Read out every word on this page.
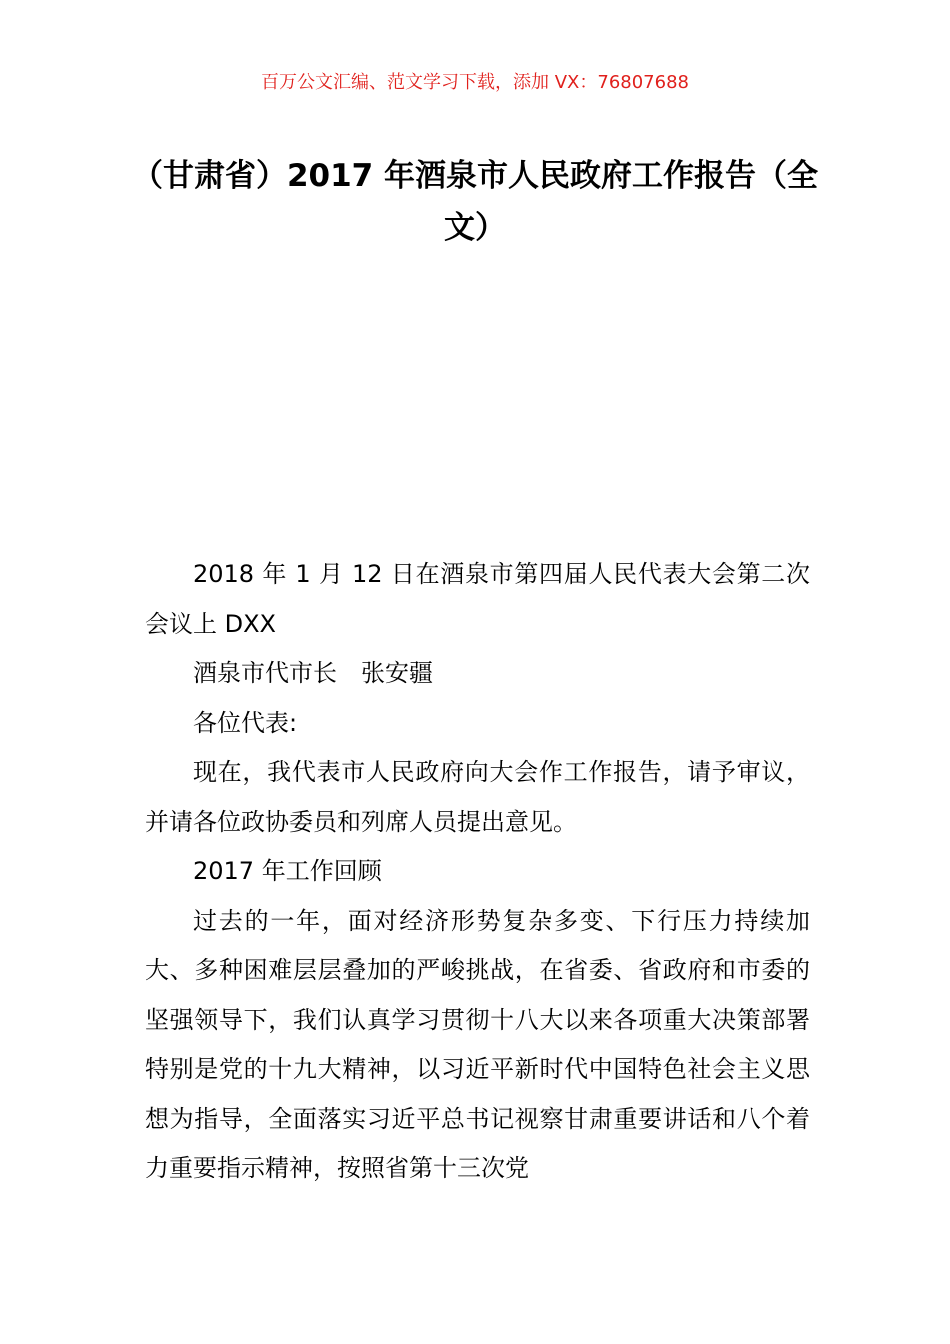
百万公文汇编、范文学习下载，添加 VX：76807688
（甘肃省）2017 年酒泉市人民政府工作报告（全文）

2018 年 1 月 12 日在酒泉市第四届人民代表大会第二次会议上 DXX

酒泉市代市长　张安疆

各位代表:

现在，我代表市人民政府向大会作工作报告，请予审议，并请各位政协委员和列席人员提出意见。

2017 年工作回顾

过去的一年，面对经济形势复杂多变、下行压力持续加大、多种困难层层叠加的严峻挑战，在省委、省政府和市委的坚强领导下，我们认真学习贯彻十八大以来各项重大决策部署特别是党的十九大精神，以习近平新时代中国特色社会主义思想为指导，全面落实习近平总书记视察甘肃重要讲话和八个着力重要指示精神，按照省第十三次党
